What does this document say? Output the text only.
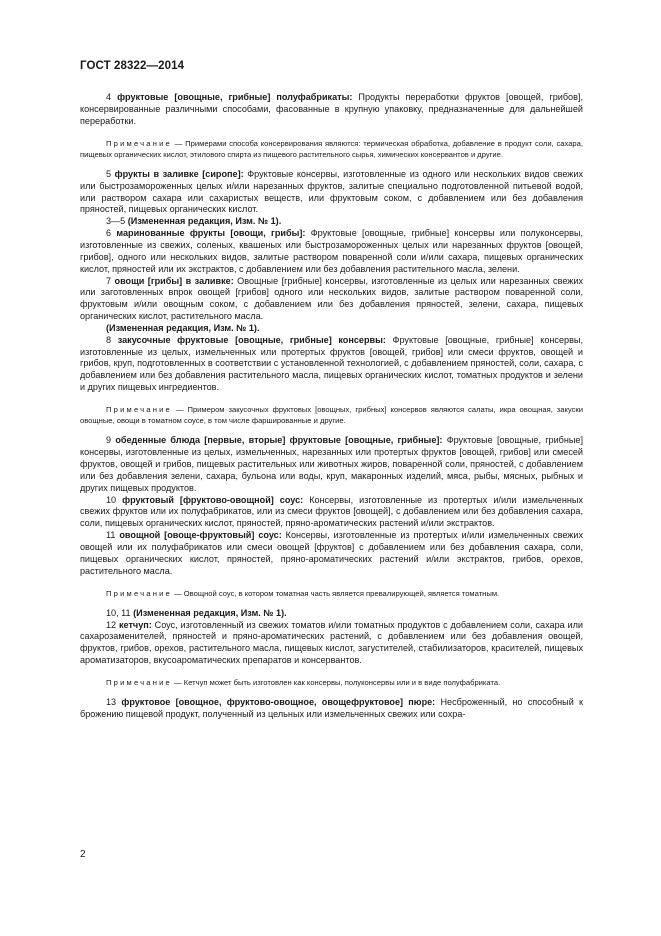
ГОСТ 28322—2014

4 фруктовые [овощные, грибные] полуфабрикаты: Продукты переработки фруктов [овощей, грибов], консервированные различными способами, фасованные в крупную упаковку, предназначенные для дальнейшей переработки.

Примечание — Примерами способа консервирования являются: термическая обработка, добавление в продукт соли, сахара, пищевых органических кислот, этилового спирта из пищевого растительного сырья, химических консервантов и другие.

5 фрукты в заливке [сиропе]: Фруктовые консервы, изготовленные из одного или нескольких видов свежих или быстрозамороженных целых и/или нарезанных фруктов, залитые специально подготовленной питьевой водой, или раствором сахара или сахаристых веществ, или фруктовым соком, с добавлением или без добавления пряностей, пищевых органических кислот.

3—5 (Измененная редакция, Изм. № 1).

6 маринованные фрукты [овощи, грибы]: Фруктовые [овощные, грибные] консервы или полуконсервы, изготовленные из свежих, соленых, квашеных или быстрозамороженных целых или нарезанных фруктов [овощей, грибов], одного или нескольких видов, залитые раствором поваренной соли и/или сахара, пищевых органических кислот, пряностей или их экстрактов, с добавлением или без добавления растительного масла, зелени.

7 овощи [грибы] в заливке: Овощные [грибные] консервы, изготовленные из целых или нарезанных свежих или заготовленных впрок овощей [грибов] одного или нескольких видов, залитые раствором поваренной соли, фруктовым и/или овощным соком, с добавлением или без добавления пряностей, зелени, сахара, пищевых органических кислот, растительного масла.

(Измененная редакция, Изм. № 1).

8 закусочные фруктовые [овощные, грибные] консервы: Фруктовые [овощные, грибные] консервы, изготовленные из целых, измельченных или протертых фруктов [овощей, грибов] или смеси фруктов, овощей и грибов, круп, подготовленных в соответствии с установленной технологией, с добавлением пряностей, соли, сахара, с добавлением или без добавления растительного масла, пищевых органических кислот, томатных продуктов и зелени и других пищевых ингредиентов.

Примечание — Примером закусочных фруктовых [овощных, грибных] консервов являются салаты, икра овощная, закуски овощные, овощи в томатном соусе, в том числе фаршированные и другие.

9 обеденные блюда [первые, вторые] фруктовые [овощные, грибные]: Фруктовые [овощные, грибные] консервы, изготовленные из целых, измельченных, нарезанных или протертых фруктов [овощей, грибов] или смесей фруктов, овощей и грибов, пищевых растительных или животных жиров, поваренной соли, пряностей, с добавлением или без добавления зелени, сахара, бульона или воды, круп, макаронных изделий, мяса, рыбы, мясных, рыбных и других пищевых продуктов.

10 фруктовый [фруктово-овощной] соус: Консервы, изготовленные из протертых и/или измельченных свежих фруктов или их полуфабрикатов, или из смеси фруктов [овощей], с добавлением или без добавления сахара, соли, пищевых органических кислот, пряностей, пряно-ароматических растений и/или экстрактов.

11 овощной [овоще-фруктовый] соус: Консервы, изготовленные из протертых и/или измельченных свежих овощей или их полуфабрикатов или смеси овощей [фруктов] с добавлением или без добавления сахара, соли, пищевых органических кислот, пряностей, пряно-ароматических растений и/или экстрактов, грибов, орехов, растительного масла.

Примечание — Овощной соус, в котором томатная часть является превалирующей, является томатным.

10, 11 (Измененная редакция, Изм. № 1).

12 кетчуп: Соус, изготовленный из свежих томатов и/или томатных продуктов с добавлением соли, сахара или сахарозаменителей, пряностей и пряно-ароматических растений, с добавлением или без добавления овощей, фруктов, грибов, орехов, растительного масла, пищевых кислот, загустителей, стабилизаторов, красителей, пищевых ароматизаторов, вкусоароматических препаратов и консервантов.

Примечание — Кетчуп может быть изготовлен как консервы, полуконсервы или и в виде полуфабриката.

13 фруктовое [овощное, фруктово-овощное, овощефруктовое] пюре: Несброженный, но способный к брожению пищевой продукт, полученный из цельных или измельченных свежих или сохра-

2
